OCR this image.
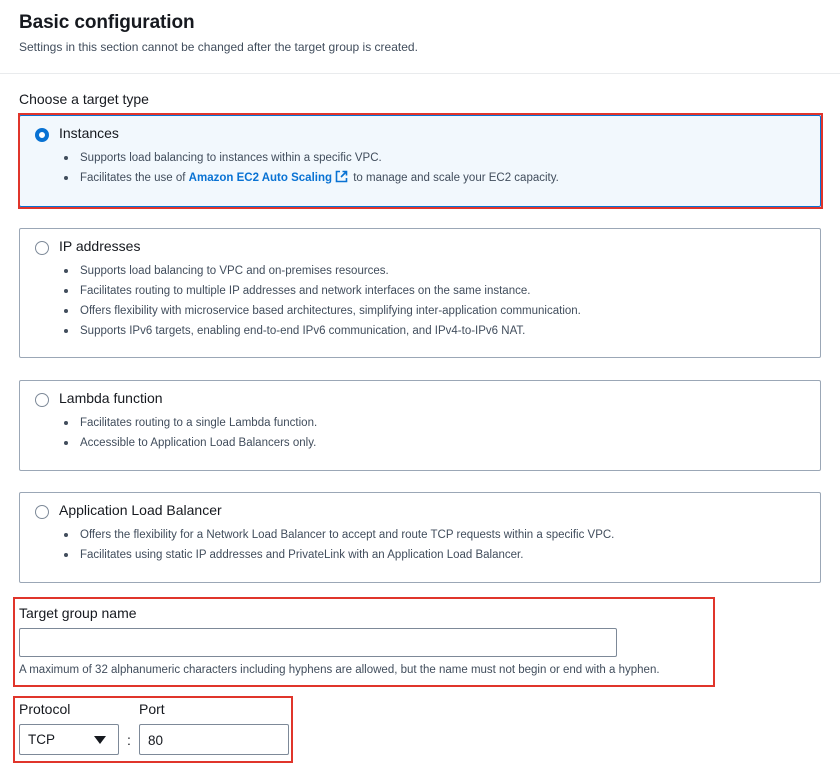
Basic configuration
Settings in this section cannot be changed after the target group is created.
Choose a target type
Instances
Supports load balancing to instances within a specific VPC.
Facilitates the use of Amazon EC2 Auto Scaling to manage and scale your EC2 capacity.
IP addresses
Supports load balancing to VPC and on-premises resources.
Facilitates routing to multiple IP addresses and network interfaces on the same instance.
Offers flexibility with microservice based architectures, simplifying inter-application communication.
Supports IPv6 targets, enabling end-to-end IPv6 communication, and IPv4-to-IPv6 NAT.
Lambda function
Facilitates routing to a single Lambda function.
Accessible to Application Load Balancers only.
Application Load Balancer
Offers the flexibility for a Network Load Balancer to accept and route TCP requests within a specific VPC.
Facilitates using static IP addresses and PrivateLink with an Application Load Balancer.
Target group name
A maximum of 32 alphanumeric characters including hyphens are allowed, but the name must not begin or end with a hyphen.
Protocol	Port
TCP	: 80
